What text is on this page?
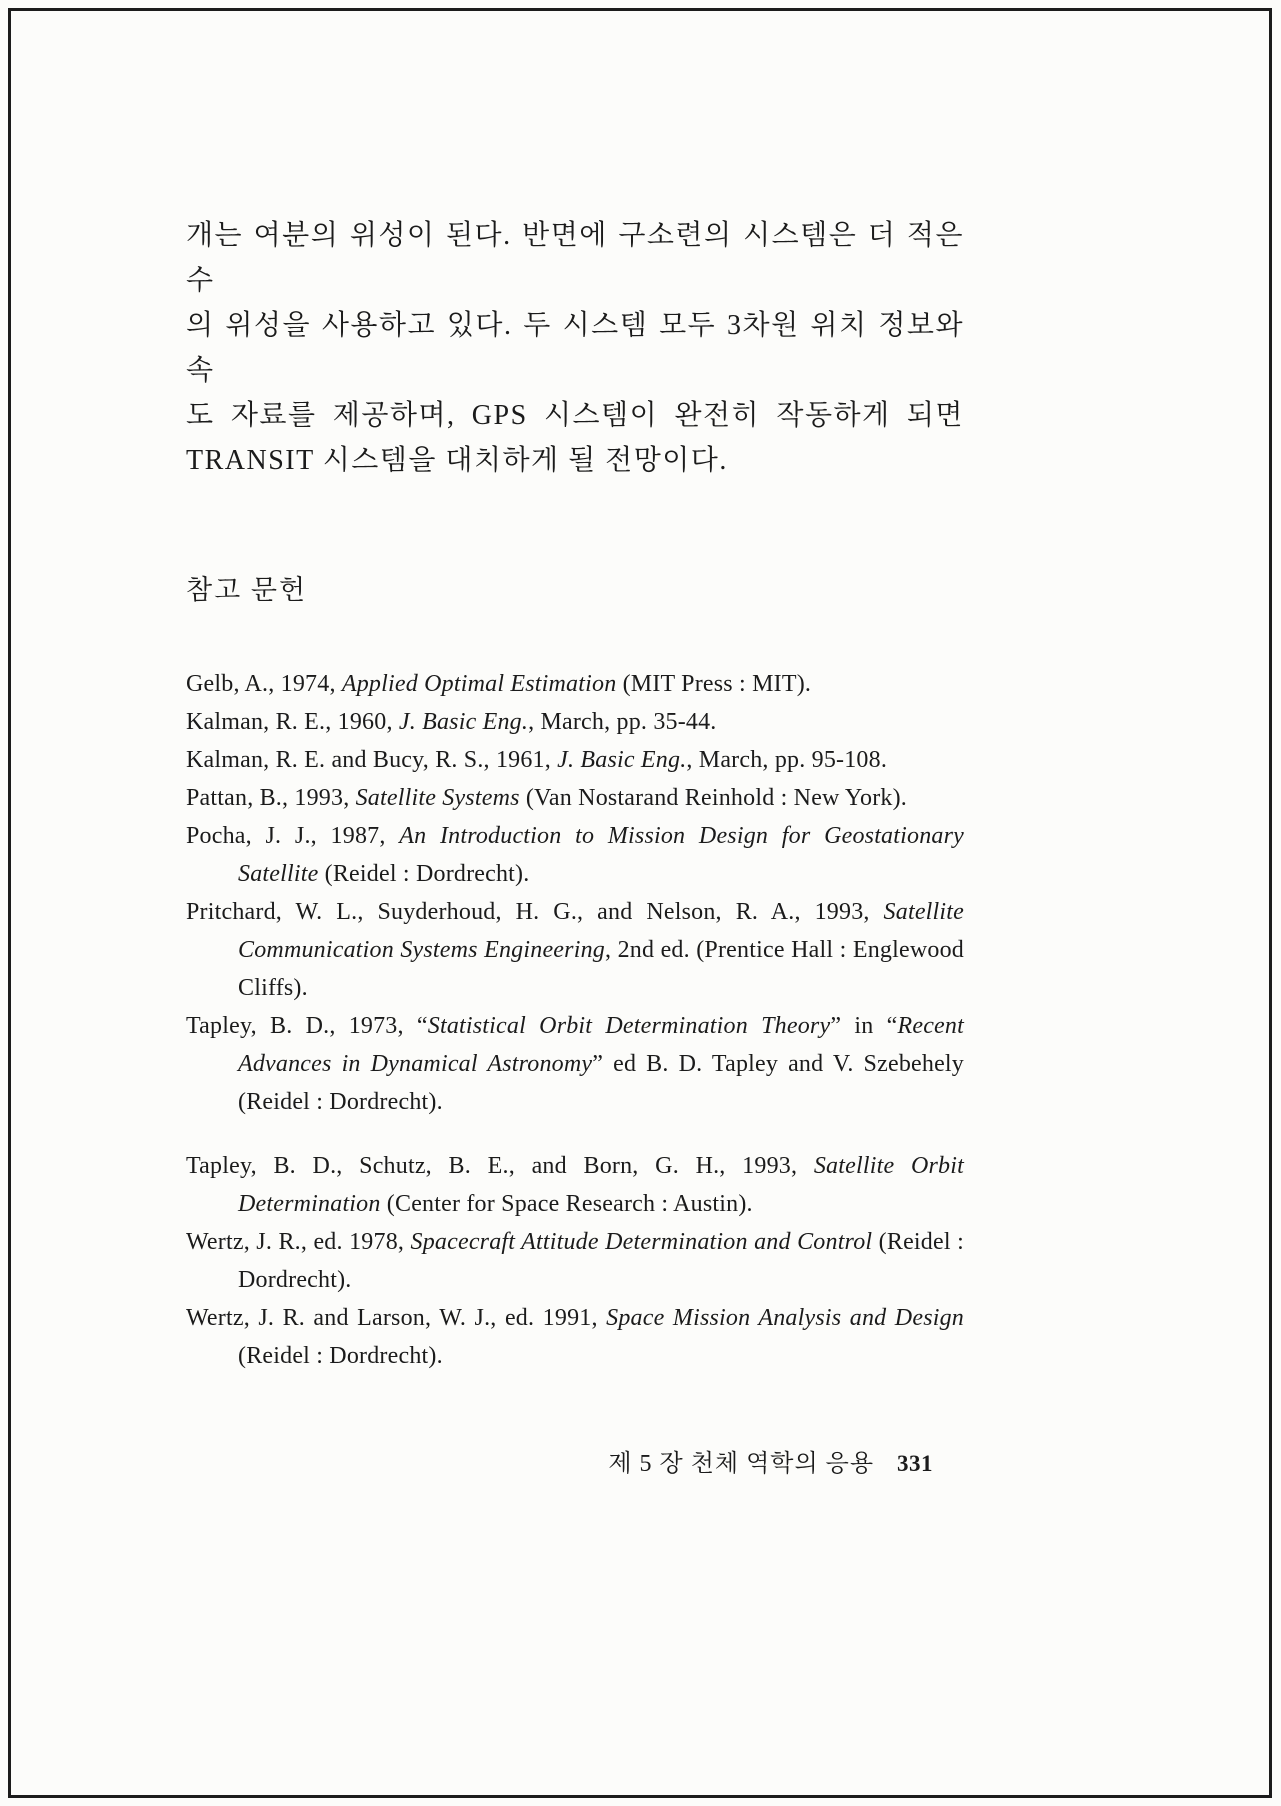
개는 여분의 위성이 된다. 반면에 구소련의 시스템은 더 적은 수
의 위성을 사용하고 있다. 두 시스템 모두 3차원 위치 정보와 속
도 자료를 제공하며, GPS 시스템이 완전히 작동하게 되면
TRANSIT 시스템을 대치하게 될 전망이다.
참고 문헌
Gelb, A., 1974, Applied Optimal Estimation (MIT Press : MIT).
Kalman, R. E., 1960, J. Basic Eng., March, pp. 35-44.
Kalman, R. E. and Bucy, R. S., 1961, J. Basic Eng., March, pp. 95-108.
Pattan, B., 1993, Satellite Systems (Van Nostarand Reinhold : New York).
Pocha, J. J., 1987, An Introduction to Mission Design for Geostationary Satellite (Reidel : Dordrecht).
Pritchard, W. L., Suyderhoud, H. G., and Nelson, R. A., 1993, Satellite Communication Systems Engineering, 2nd ed. (Prentice Hall : Englewood Cliffs).
Tapley, B. D., 1973, “Statistical Orbit Determination Theory” in “Recent Advances in Dynamical Astronomy” ed B. D. Tapley and V. Szebehely (Reidel : Dordrecht).
Tapley, B. D., Schutz, B. E., and Born, G. H., 1993, Satellite Orbit Determination (Center for Space Research : Austin).
Wertz, J. R., ed. 1978, Spacecraft Attitude Determination and Control (Reidel : Dordrecht).
Wertz, J. R. and Larson, W. J., ed. 1991, Space Mission Analysis and Design (Reidel : Dordrecht).
제 5 장 천체 역학의 응용 331
